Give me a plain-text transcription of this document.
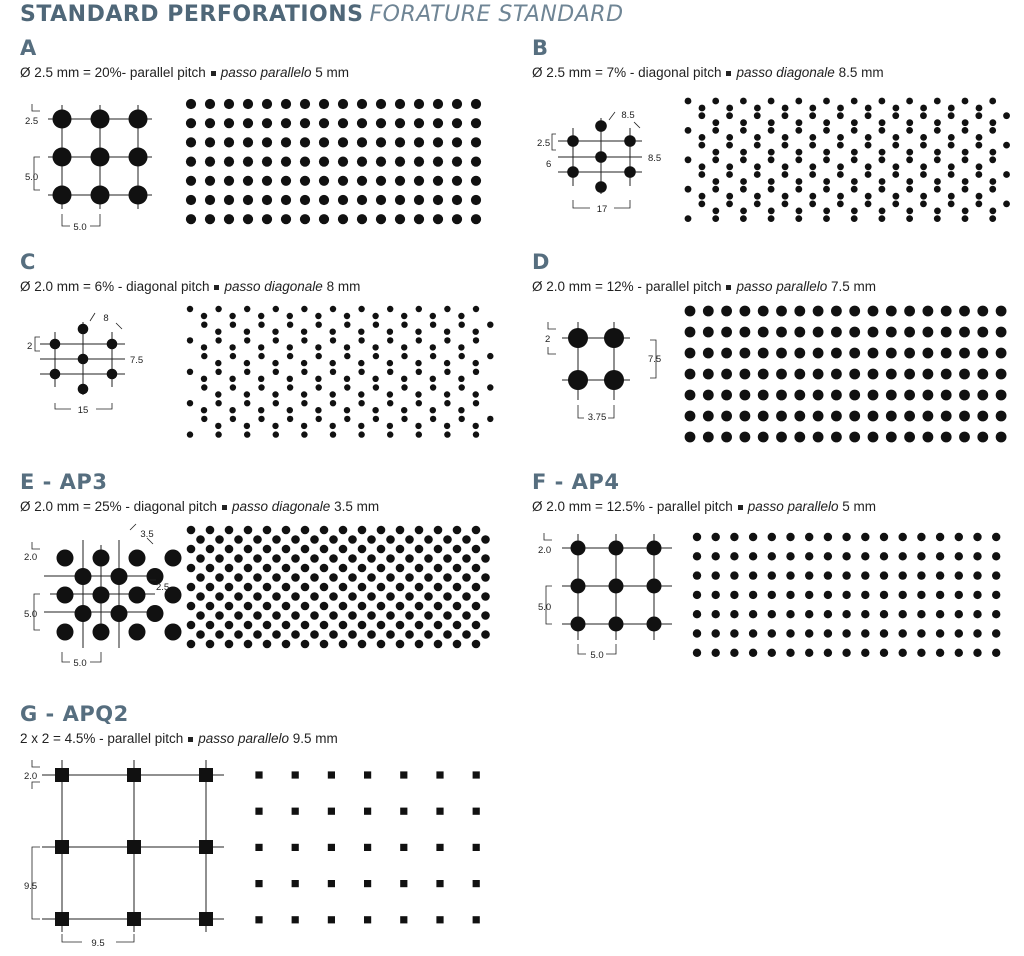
STANDARD PERFORATIONS FORATURE STANDARD
A
Ø 2.5 mm = 20%- parallel pitch passo parallelo 5 mm
B
Ø 2.5 mm = 7% - diagonal pitch passo diagonale 8.5 mm
C
Ø 2.0 mm = 6% - diagonal pitch passo diagonale 8 mm
D
Ø 2.0 mm = 12% - parallel pitch passo parallelo 7.5 mm
E - AP3
Ø 2.0 mm = 25% - diagonal pitch passo diagonale 3.5 mm
F - AP4
Ø 2.0 mm = 12.5% - parallel pitch passo parallelo 5 mm
G - APQ2
2 x 2 = 4.5% - parallel pitch passo parallelo 9.5 mm
2.5
5.0
5.0
2.5
6
8.5
8.5
17
2
8
7.5
15
2
7.5
3.75
2.0
3.5
2.5
5.0
5.0
2.0
5.0
5.0
2.0
9.5
9.5
